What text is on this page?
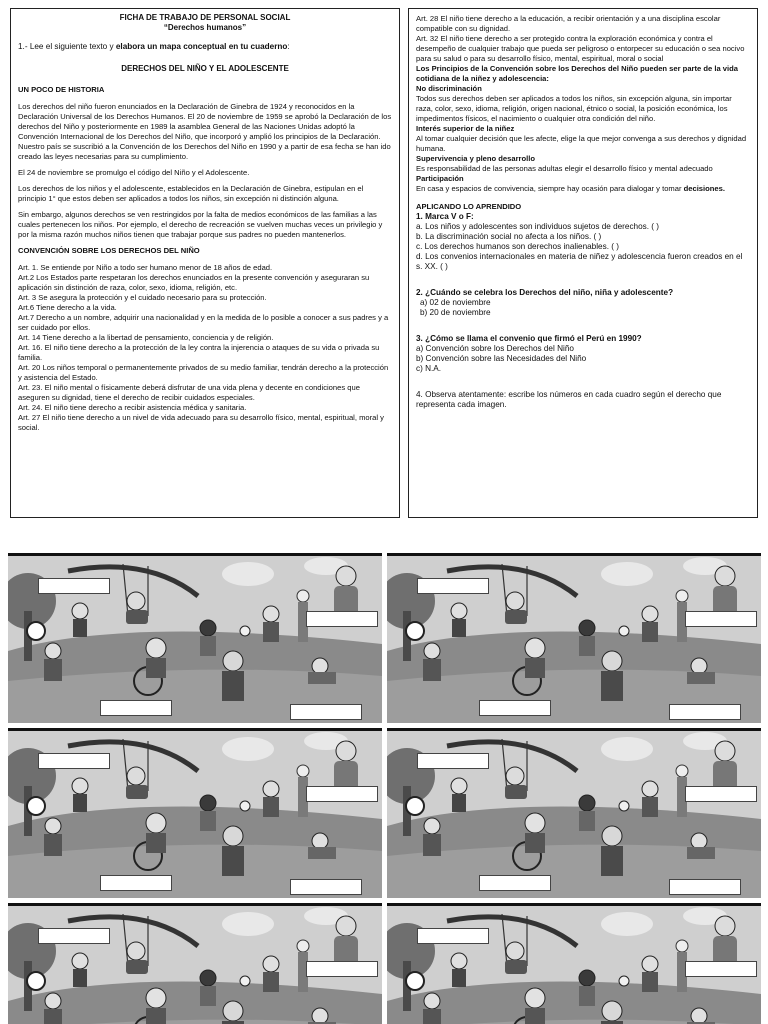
FICHA DE TRABAJO DE PERSONAL SOCIAL
“Derechos humanos”
1.- Lee el siguiente texto y elabora un mapa conceptual en tu cuaderno:
DERECHOS DEL NIÑO Y EL ADOLESCENTE
UN POCO DE HISTORIA

Los derechos del niño fueron enunciados en la Declaración de Ginebra de 1924 y reconocidos en la Declaración Universal de los Derechos Humanos. El 20 de noviembre de 1959 se aprobó la Declaración de los derechos del Niño y posteriormente en 1989 la asamblea General de las Naciones Unidas adoptó la Convención Internacional de los Derechos del Niño, que incorporó y amplió los principios de la Declaración. Nuestro país se suscribió a la Convención de los Derechos del Niño en 1990 y a partir de esa fecha se han ido creado las leyes necesarias para su cumplimiento.

El 24 de noviembre se promulgo el código del Niño y el Adolescente.

Los derechos de los niños y el adolescente, establecidos en la Declaración de Ginebra, estipulan en el principio 1° que estos deben ser aplicados a todos los niños, sin excepción ni distinción alguna.

Sin embargo, algunos derechos se ven restringidos por la falta de medios económicos de las familias a las cuales pertenecen los niños. Por ejemplo, el derecho de recreación se vuelven muchas veces un privilegio y por la misma razón muchos niños tienen que trabajar porque sus padres no pueden mantenerlos.

CONVENCIÓN SOBRE LOS DERECHOS DEL NIÑO
Art. 1. Se entiende por Niño a todo ser humano menor de 18 años de edad.
Art.2 Los Estados parte respetaran los derechos enunciados en la presente convención y aseguraran su aplicación sin distinción de raza, color, sexo, idioma, religión, etc.
Art. 3 Se asegura la protección y el cuidado necesario para su protección.
Art.6 Tiene derecho a la vida.
Art.7 Derecho a un nombre, adquirir una nacionalidad y en la medida de lo posible a conocer a sus padres y a ser cuidado por ellos.
Art. 14 Tiene derecho a la libertad de pensamiento, conciencia y de religión.
Art. 16. El niño tiene derecho a la protección de la ley contra la injerencia o ataques de su vida o privada su familia.
Art. 20 Los niños temporal o permanentemente privados de su medio familiar, tendrán derecho a la protección y asistencia del Estado.
Art. 23. El niño mental o físicamente deberá disfrutar de una vida plena y decente en condiciones que aseguren su dignidad, tiene el derecho de recibir cuidados especiales.
Art. 24. El niño tiene derecho a recibir asistencia médica y sanitaria.
Art. 27 El niño tiene derecho a un nivel de vida adecuado para su desarrollo físico, mental, espiritual, moral y social.
Art. 28 El niño tiene derecho a la educación, a recibir orientación y a una disciplina escolar compatible con su dignidad.
Art. 32 El niño tiene derecho a ser protegido contra la exploración económica y contra el desempeño de cualquier trabajo que pueda ser peligroso o entorpecer su educación o sea nocivo para su salud o para su desarrollo físico, mental, espiritual, moral o social
Los Principios de la Convención sobre los Derechos del Niño pueden ser parte de la vida cotidiana de la niñez y adolescencia:
No discriminación
Todos sus derechos deben ser aplicados a todos los niños, sin excepción alguna, sin importar raza, color, sexo, idioma, religión, origen nacional, étnico o social, la posición económica, los impedimentos físicos, el nacimiento o cualquier otra condición del niño.
Interés superior de la niñez
Al tomar cualquier decisión que les afecte, elige la que mejor convenga a sus derechos y dignidad humana.
Supervivencia y pleno desarrollo
Es responsabilidad de las personas adultas elegir el desarrollo físico y mental adecuado
Participación
En casa y espacios de convivencia, siempre hay ocasión para dialogar y tomar decisiones.
APLICANDO LO APRENDIDO
1. Marca V o F:
a. Los niños y adolescentes son individuos sujetos de derechos. ( )
b. La discriminación social no afecta a los niños. ( )
c. Los derechos humanos son derechos inalienables. ( )
d. Los convenios internacionales en materia de niñez y adolescencia fueron creados en el s. XX. ( )
2. ¿Cuándo se celebra los Derechos del niño, niña y adolescente?
a) 02 de noviembre
b) 20 de noviembre
3. ¿Cómo se llama el convenio que firmó el Perú en 1990?
a) Convención sobre los Derechos del Niño
b) Convención sobre las Necesidades del Niño
c) N.A.
4. Observa atentamente: escribe los números en cada cuadro según el derecho que representa cada imagen.
